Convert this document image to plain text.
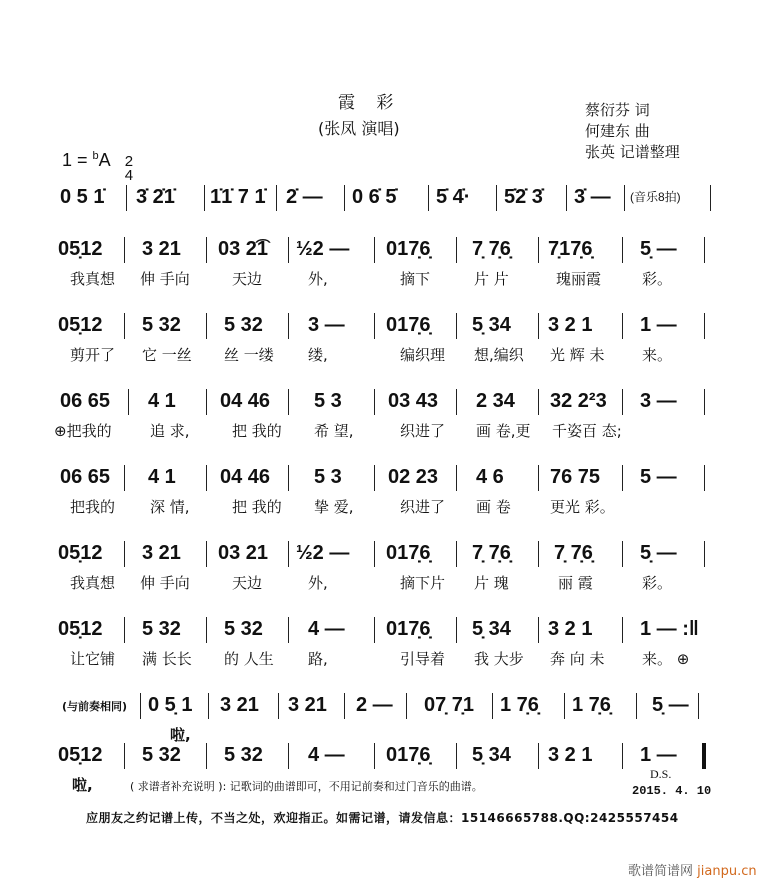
霞 彩
(张凤 演唱)
蔡衍芬 词
何建东 曲
张英 记谱整理
1 = $^b$A 2
4
0 5 1̇ 3̇ 2̇1̇ 1̇1̇ 7 1̇ 2̇ — 0 6̇ 5̇ 5̇ 4̇· 5̇2̇ 3̇ 3̇ — (音乐8拍)
05̣12 3 21 03 2͡1 ½2 — 017̣6̣ 7̣ 7̣6̣ 7̣17̣6̣ 5̣ —
我真想 伸 手向	天边	外,	摘下	片 片	瑰丽霞	彩。
05̣12 5 32 5 32 3 — 017̣6̣ 5̣ 34 3 2 1 1 —
剪开了 它 一丝 丝 一缕 缕,	编织理 想,编织 光 辉 未 来。
06 65 4 1 04 46 5 3 03 43 2 34 32 2²3 3 —
⊕把我的	追 求,	把 我的 希 望,	织进了 画 卷,更 千姿百 态;
06 65 4 1 04 46 5 3 02 23 4 6 76 75 5 —
把我的 深 情,	把 我的 挚 爱,	织进了 画 卷	更光 彩。
05̣12 3 21 03 21 ½2 — 017̣6̣ 7̣ 7̣6̣ 7̣ 7̣6̣ 5̣ —
我真想 伸 手向	天边	外,	摘下片 片 瑰	丽 霞	彩。
05̣12 5 32 5 32 4 — 017̣6̣ 5̣ 34 3 2 1 1 — :‖
让它铺 满 长长 的 人生 路,	引导着 我 大步 奔 向 未 来。 ⊕
(与前奏相同) 0 5̣ 1 3 21 3 21 2 — 07̣ 7̣1 1 7̣6̣ 1 7̣6̣ 5̣ —
啦,
05̣12 5 32 5 32 4 — 017̣6̣ 5̣ 34 3 2 1 1 —
啦,	( 求谱者补充说明 ): 记歌词的曲谱即可，不用记前奏和过门音乐的曲谱。
D.S.
2015. 4. 10
应朋友之约记谱上传，不当之处，欢迎指正。如需记谱，请发信息：15146665788.QQ:2425557454
歌谱简谱网 jianpu.cn
